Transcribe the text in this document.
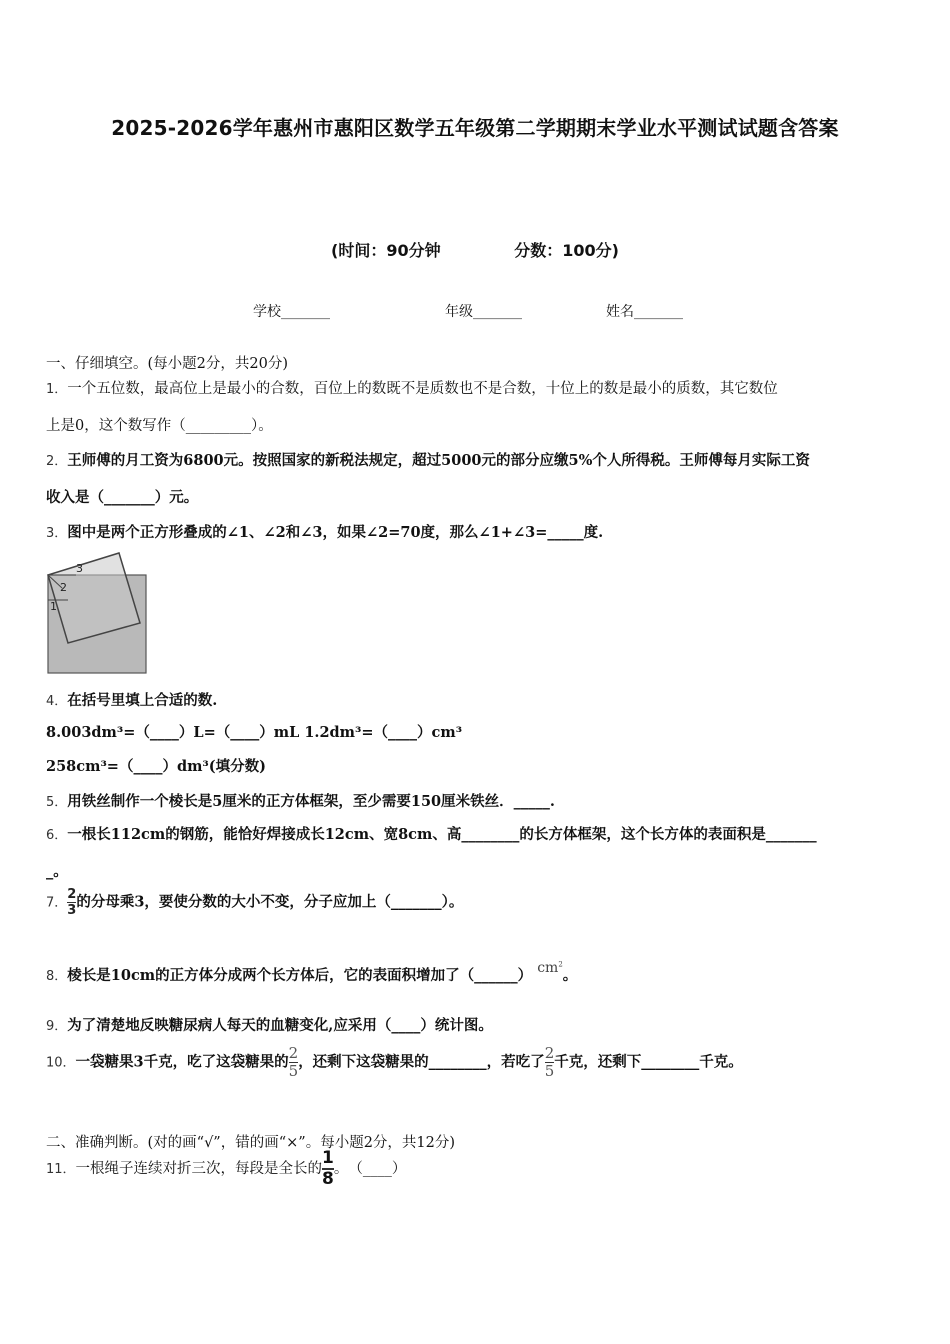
2025-2026学年惠州市惠阳区数学五年级第二学期期末学业水平测试试题含答案
(时间：90分钟	分数：100分)
学校_______	年级_______	姓名_______
一、仔细填空。(每小题2分，共20分)
1．一个五位数，最高位上是最小的合数，百位上的数既不是质数也不是合数，十位上的数是最小的质数，其它数位
上是0，这个数写作（_________）。
2．王师傅的月工资为6800元。按照国家的新税法规定，超过5000元的部分应缴5%个人所得税。王师傅每月实际工资
收入是（_______）元。
3．图中是两个正方形叠成的∠1、∠2和∠3，如果∠2=70度，那么∠1+∠3=_____度.
1
2
3
4．在括号里填上合适的数.
8.003dm³=（____）L=（____）mL 1.2dm³=（____）cm³
258cm³=（____）dm³(填分数)
5．用铁丝制作一个棱长是5厘米的正方体框架，至少需要150厘米铁丝．_____.
6．一根长112cm的钢筋，能恰好焊接成长12cm、宽8cm、高________的长方体框架，这个长方体的表面积是_______
_。
7． $\frac{2}{3}$ 的分母乘3，要使分数的大小不变，分子应加上（_______）。
8．棱长是10cm的正方体分成两个长方体后，它的表面积增加了（______） $cm^2$。
9．为了清楚地反映糖尿病人每天的血糖变化,应采用（____）统计图。
10．一袋糖果3千克，吃了这袋糖果的 $\frac{2}{5}$ ，还剩下这袋糖果的________，若吃了 $\frac{2}{5}$ 千克，还剩下________千克。
二、准确判断。(对的画“√”，错的画“×”。每小题2分，共12分)
11．一根绳子连续对折三次，每段是全长的 $\frac{1}{8}$ 。　（____）
